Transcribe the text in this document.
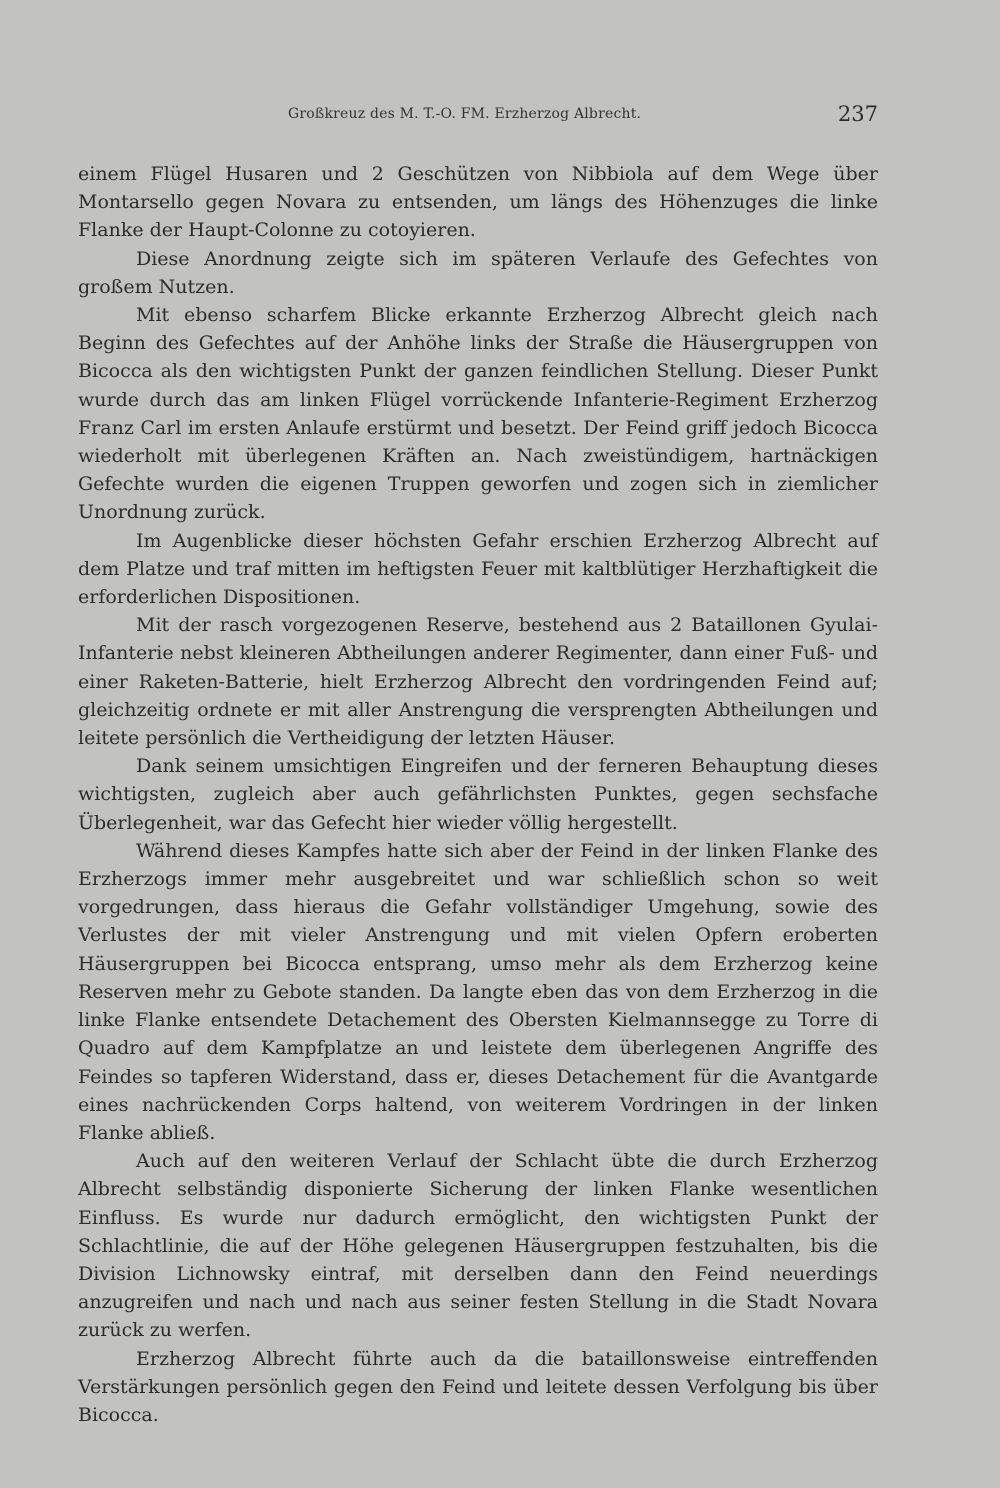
Großkreuz des M. T.-O. FM. Erzherzog Albrecht.	237

einem Flügel Husaren und 2 Geschützen von Nibbiola auf dem Wege über Montarsello gegen Novara zu entsenden, um längs des Höhenzuges die linke Flanke der Haupt-Colonne zu cotoyieren.

Diese Anordnung zeigte sich im späteren Verlaufe des Gefechtes von großem Nutzen.

Mit ebenso scharfem Blicke erkannte Erzherzog Albrecht gleich nach Beginn des Gefechtes auf der Anhöhe links der Straße die Häusergruppen von Bicocca als den wichtigsten Punkt der ganzen feindlichen Stellung. Dieser Punkt wurde durch das am linken Flügel vorrückende Infanterie-Regiment Erzherzog Franz Carl im ersten Anlaufe erstürmt und besetzt. Der Feind griff jedoch Bicocca wiederholt mit überlegenen Kräften an. Nach zweistündigem, hartnäckigen Gefechte wurden die eigenen Truppen geworfen und zogen sich in ziemlicher Unordnung zurück.

Im Augenblicke dieser höchsten Gefahr erschien Erzherzog Albrecht auf dem Platze und traf mitten im heftigsten Feuer mit kaltblütiger Herzhaftigkeit die erforderlichen Dispositionen.

Mit der rasch vorgezogenen Reserve, bestehend aus 2 Bataillonen Gyulai-Infanterie nebst kleineren Abtheilungen anderer Regimenter, dann einer Fuß- und einer Raketen-Batterie, hielt Erzherzog Albrecht den vordringenden Feind auf; gleichzeitig ordnete er mit aller Anstrengung die versprengten Abtheilungen und leitete persönlich die Vertheidigung der letzten Häuser.

Dank seinem umsichtigen Eingreifen und der ferneren Behauptung dieses wichtigsten, zugleich aber auch gefährlichsten Punktes, gegen sechsfache Überlegenheit, war das Gefecht hier wieder völlig hergestellt.

Während dieses Kampfes hatte sich aber der Feind in der linken Flanke des Erzherzogs immer mehr ausgebreitet und war schließlich schon so weit vorgedrungen, dass hieraus die Gefahr vollständiger Umgehung, sowie des Verlustes der mit vieler Anstrengung und mit vielen Opfern eroberten Häusergruppen bei Bicocca entsprang, umso mehr als dem Erzherzog keine Reserven mehr zu Gebote standen. Da langte eben das von dem Erzherzog in die linke Flanke entsendete Detachement des Obersten Kielmannsegge zu Torre di Quadro auf dem Kampfplatze an und leistete dem überlegenen Angriffe des Feindes so tapferen Widerstand, dass er, dieses Detachement für die Avantgarde eines nachrückenden Corps haltend, von weiterem Vordringen in der linken Flanke abließ.

Auch auf den weiteren Verlauf der Schlacht übte die durch Erzherzog Albrecht selbständig disponierte Sicherung der linken Flanke wesentlichen Einfluss. Es wurde nur dadurch ermöglicht, den wichtigsten Punkt der Schlachtlinie, die auf der Höhe gelegenen Häusergruppen festzuhalten, bis die Division Lichnowsky eintraf, mit derselben dann den Feind neuerdings anzugreifen und nach und nach aus seiner festen Stellung in die Stadt Novara zurück zu werfen.

Erzherzog Albrecht führte auch da die bataillonsweise eintreffenden Verstärkungen persönlich gegen den Feind und leitete dessen Verfolgung bis über Bicocca.
